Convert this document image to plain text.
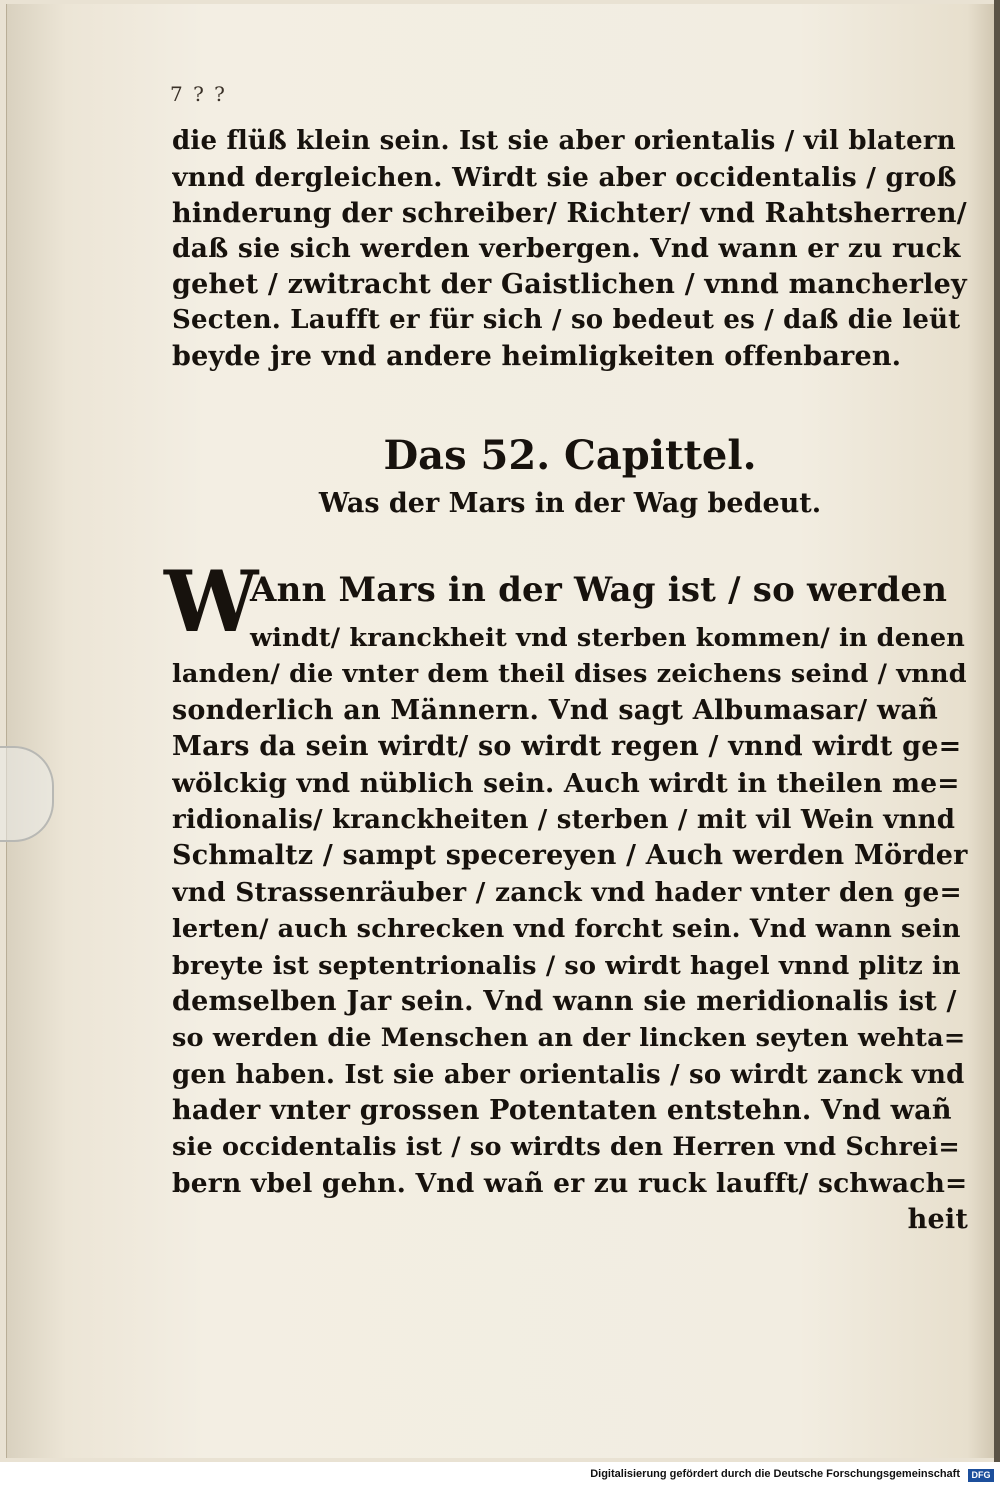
7 ? ?
die flüß klein sein. Ist sie aber orientalis / vil blatern
vnnd dergleichen. Wirdt sie aber occidentalis / groß
hinderung der schreiber/ Richter/ vnd Rahtsherren/
daß sie sich werden verbergen. Vnd wann er zu ruck
gehet / zwitracht der Gaistlichen / vnnd mancherley
Secten. Laufft er für sich / so bedeut es / daß die leüt
beyde jre vnd andere heimligkeiten offenbaren.
Das 52. Capittel.
Was der Mars in der Wag bedeut.
W
Ann Mars in der Wag ist / so werden
windt/ kranckheit vnd sterben kommen/ in denen
landen/ die vnter dem theil dises zeichens seind / vnnd
sonderlich an Männern. Vnd sagt Albumasar/ wañ
Mars da sein wirdt/ so wirdt regen / vnnd wirdt ge=
wölckig vnd nüblich sein. Auch wirdt in theilen me=
ridionalis/ kranckheiten / sterben / mit vil Wein vnnd
Schmaltz / sampt specereyen / Auch werden Mörder
vnd Strassenräuber / zanck vnd hader vnter den ge=
lerten/ auch schrecken vnd forcht sein. Vnd wann sein
breyte ist septentrionalis / so wirdt hagel vnnd plitz in
demselben Jar sein. Vnd wann sie meridionalis ist /
so werden die Menschen an der lincken seyten wehta=
gen haben. Ist sie aber orientalis / so wirdt zanck vnd
hader vnter grossen Potentaten entstehn. Vnd wañ
sie occidentalis ist / so wirdts den Herren vnd Schrei=
bern vbel gehn. Vnd wañ er zu ruck laufft/ schwach=
heit
Digitalisierung gefördert durch die Deutsche Forschungsgemeinschaft	DFG
